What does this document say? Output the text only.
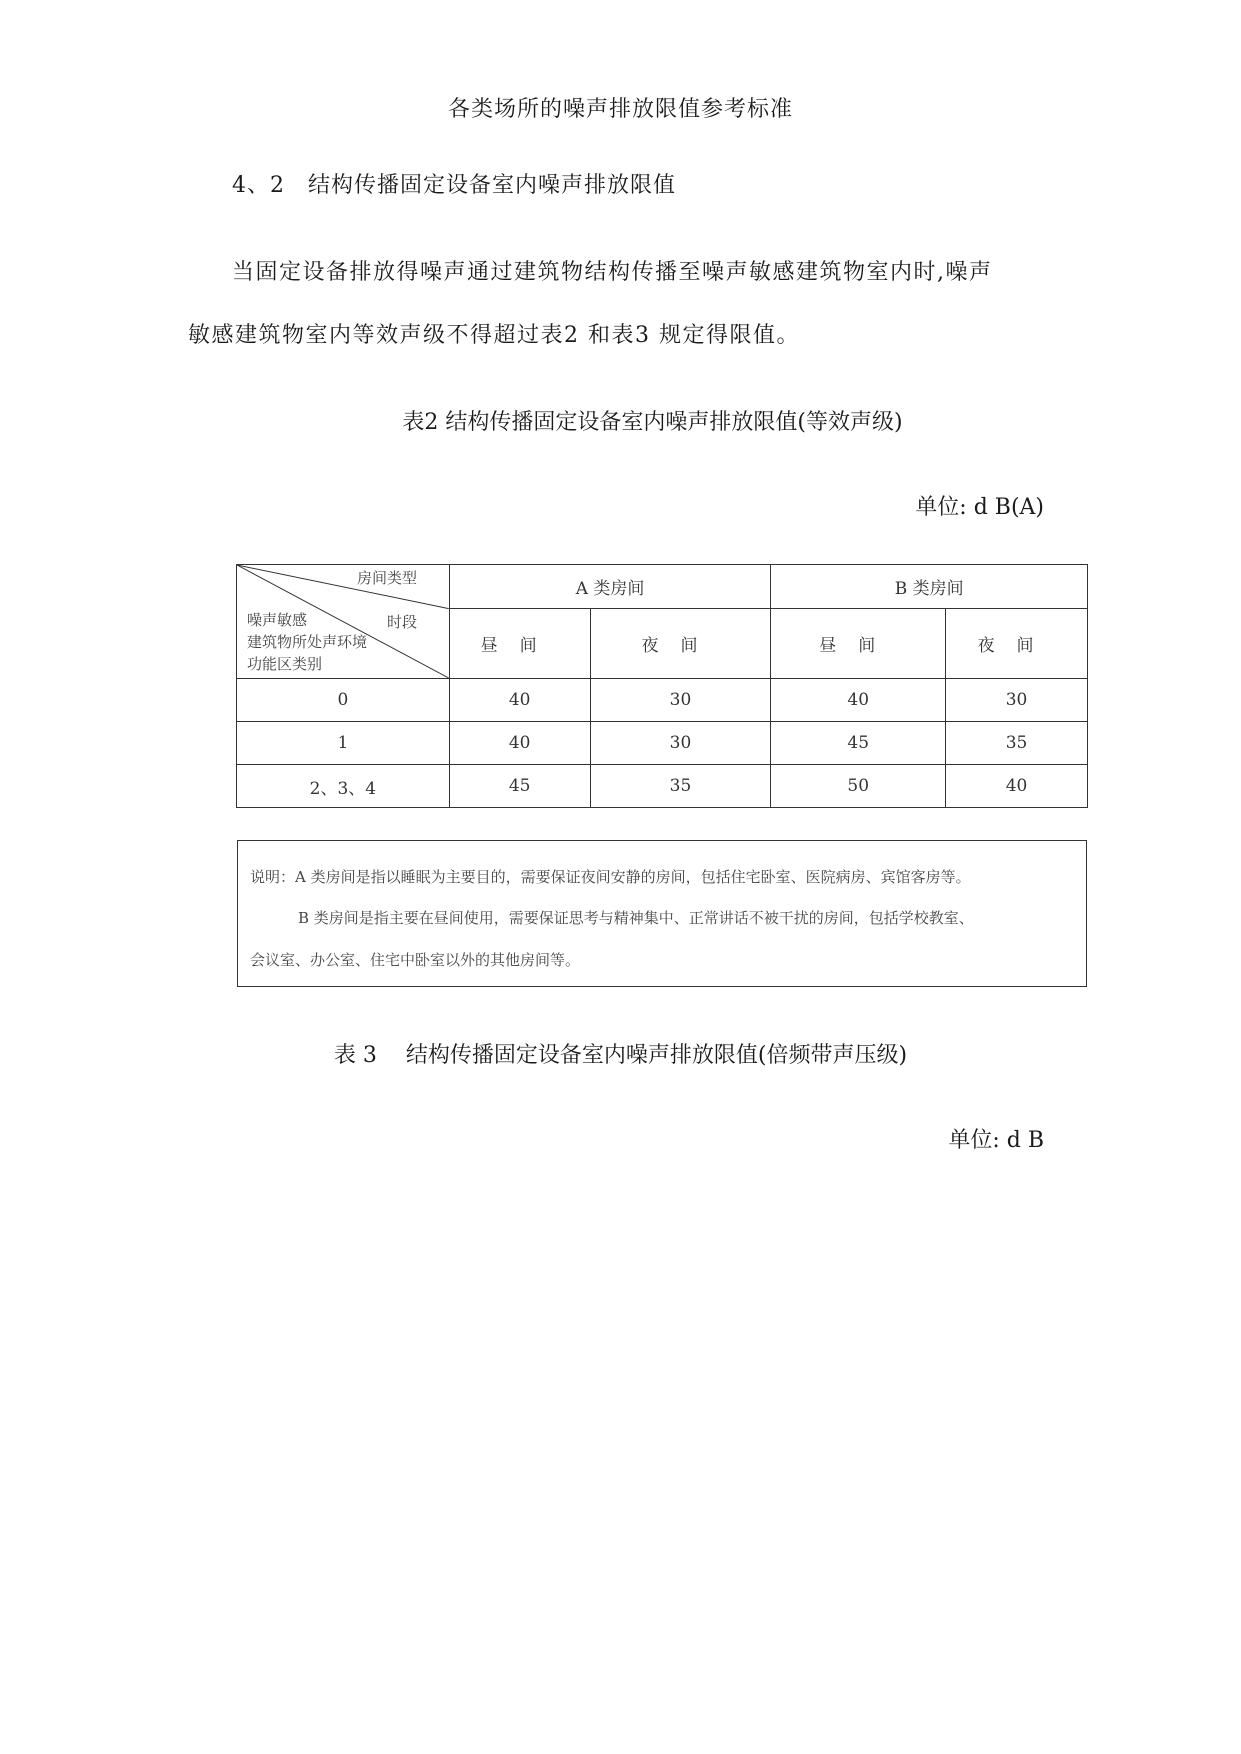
各类场所的噪声排放限值参考标准
4、2　结构传播固定设备室内噪声排放限值
当固定设备排放得噪声通过建筑物结构传播至噪声敏感建筑物室内时,噪声
敏感建筑物室内等效声级不得超过表2 和表3 规定得限值。
表2 结构传播固定设备室内噪声排放限值(等效声级)
单位: d B(A)
房间类型
时段
噪声敏感
建筑物所处声环境
功能区类别	A 类房间		B 类房间	
	昼间	夜间	昼间	夜间
0	40	30	40	30
1	40	30	45	35
2、3、4	45	35	50	40

说明：A 类房间是指以睡眠为主要目的，需要保证夜间安静的房间，包括住宅卧室、医院病房、宾馆客房等。

B 类房间是指主要在昼间使用，需要保证思考与精神集中、正常讲话不被干扰的房间，包括学校教室、

会议室、办公室、住宅中卧室以外的其他房间等。

表 3　 结构传播固定设备室内噪声排放限值(倍频带声压级)
单位: d B
